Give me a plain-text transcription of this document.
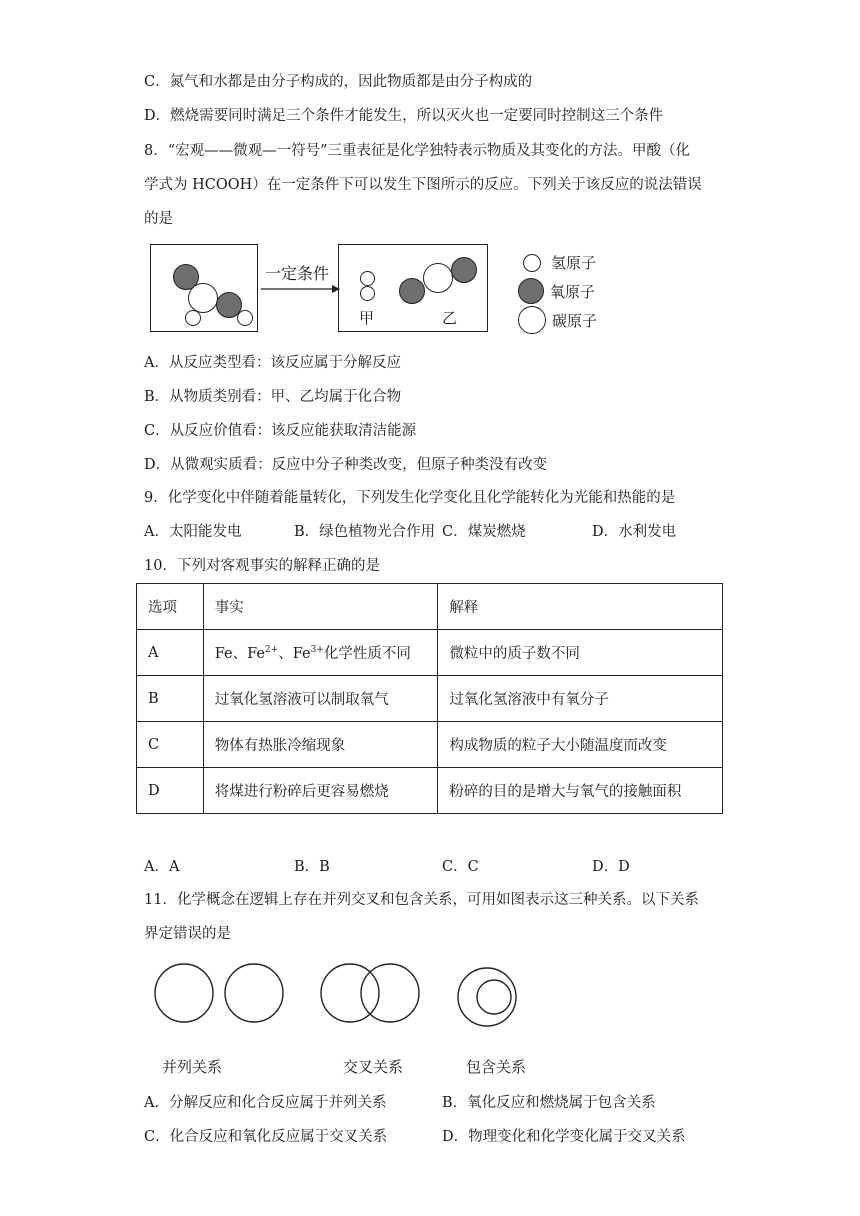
C．氮气和水都是由分子构成的，因此物质都是由分子构成的
D．燃烧需要同时满足三个条件才能发生，所以灭火也一定要同时控制这三个条件
8．“宏观——微观—一符号”三重表征是化学独特表示物质及其变化的方法。甲酸（化
学式为 HCOOH）在一定条件下可以发生下图所示的反应。下列关于该反应的说法错误
的是
一定条件
甲	乙
氢原子
氧原子
碳原子
A．从反应类型看：该反应属于分解反应
B．从物质类别看：甲、乙均属于化合物
C．从反应价值看：该反应能获取清洁能源
D．从微观实质看：反应中分子种类改变，但原子种类没有改变
9．化学变化中伴随着能量转化，下列发生化学变化且化学能转化为光能和热能的是
A．太阳能发电	B．绿色植物光合作用 C．煤炭燃烧	D．水利发电
10．下列对客观事实的解释正确的是
选项	事实	解释
A	Fe、$Fe^{2+}$、$Fe^{3+}$化学性质不同	微粒中的质子数不同
B	过氧化氢溶液可以制取氧气	过氧化氢溶液中有氧分子
C	物体有热胀冷缩现象	构成物质的粒子大小随温度而改变
D	将煤进行粉碎后更容易燃烧	粉碎的目的是增大与氧气的接触面积
A．A	B．B	C．C	D．D
11．化学概念在逻辑上存在并列交叉和包含关系，可用如图表示这三种关系。以下关系
界定错误的是
并列关系	交叉关系	包含关系
A．分解反应和化合反应属于并列关系	B．氧化反应和燃烧属于包含关系
C．化合反应和氧化反应属于交叉关系	D．物理变化和化学变化属于交叉关系
